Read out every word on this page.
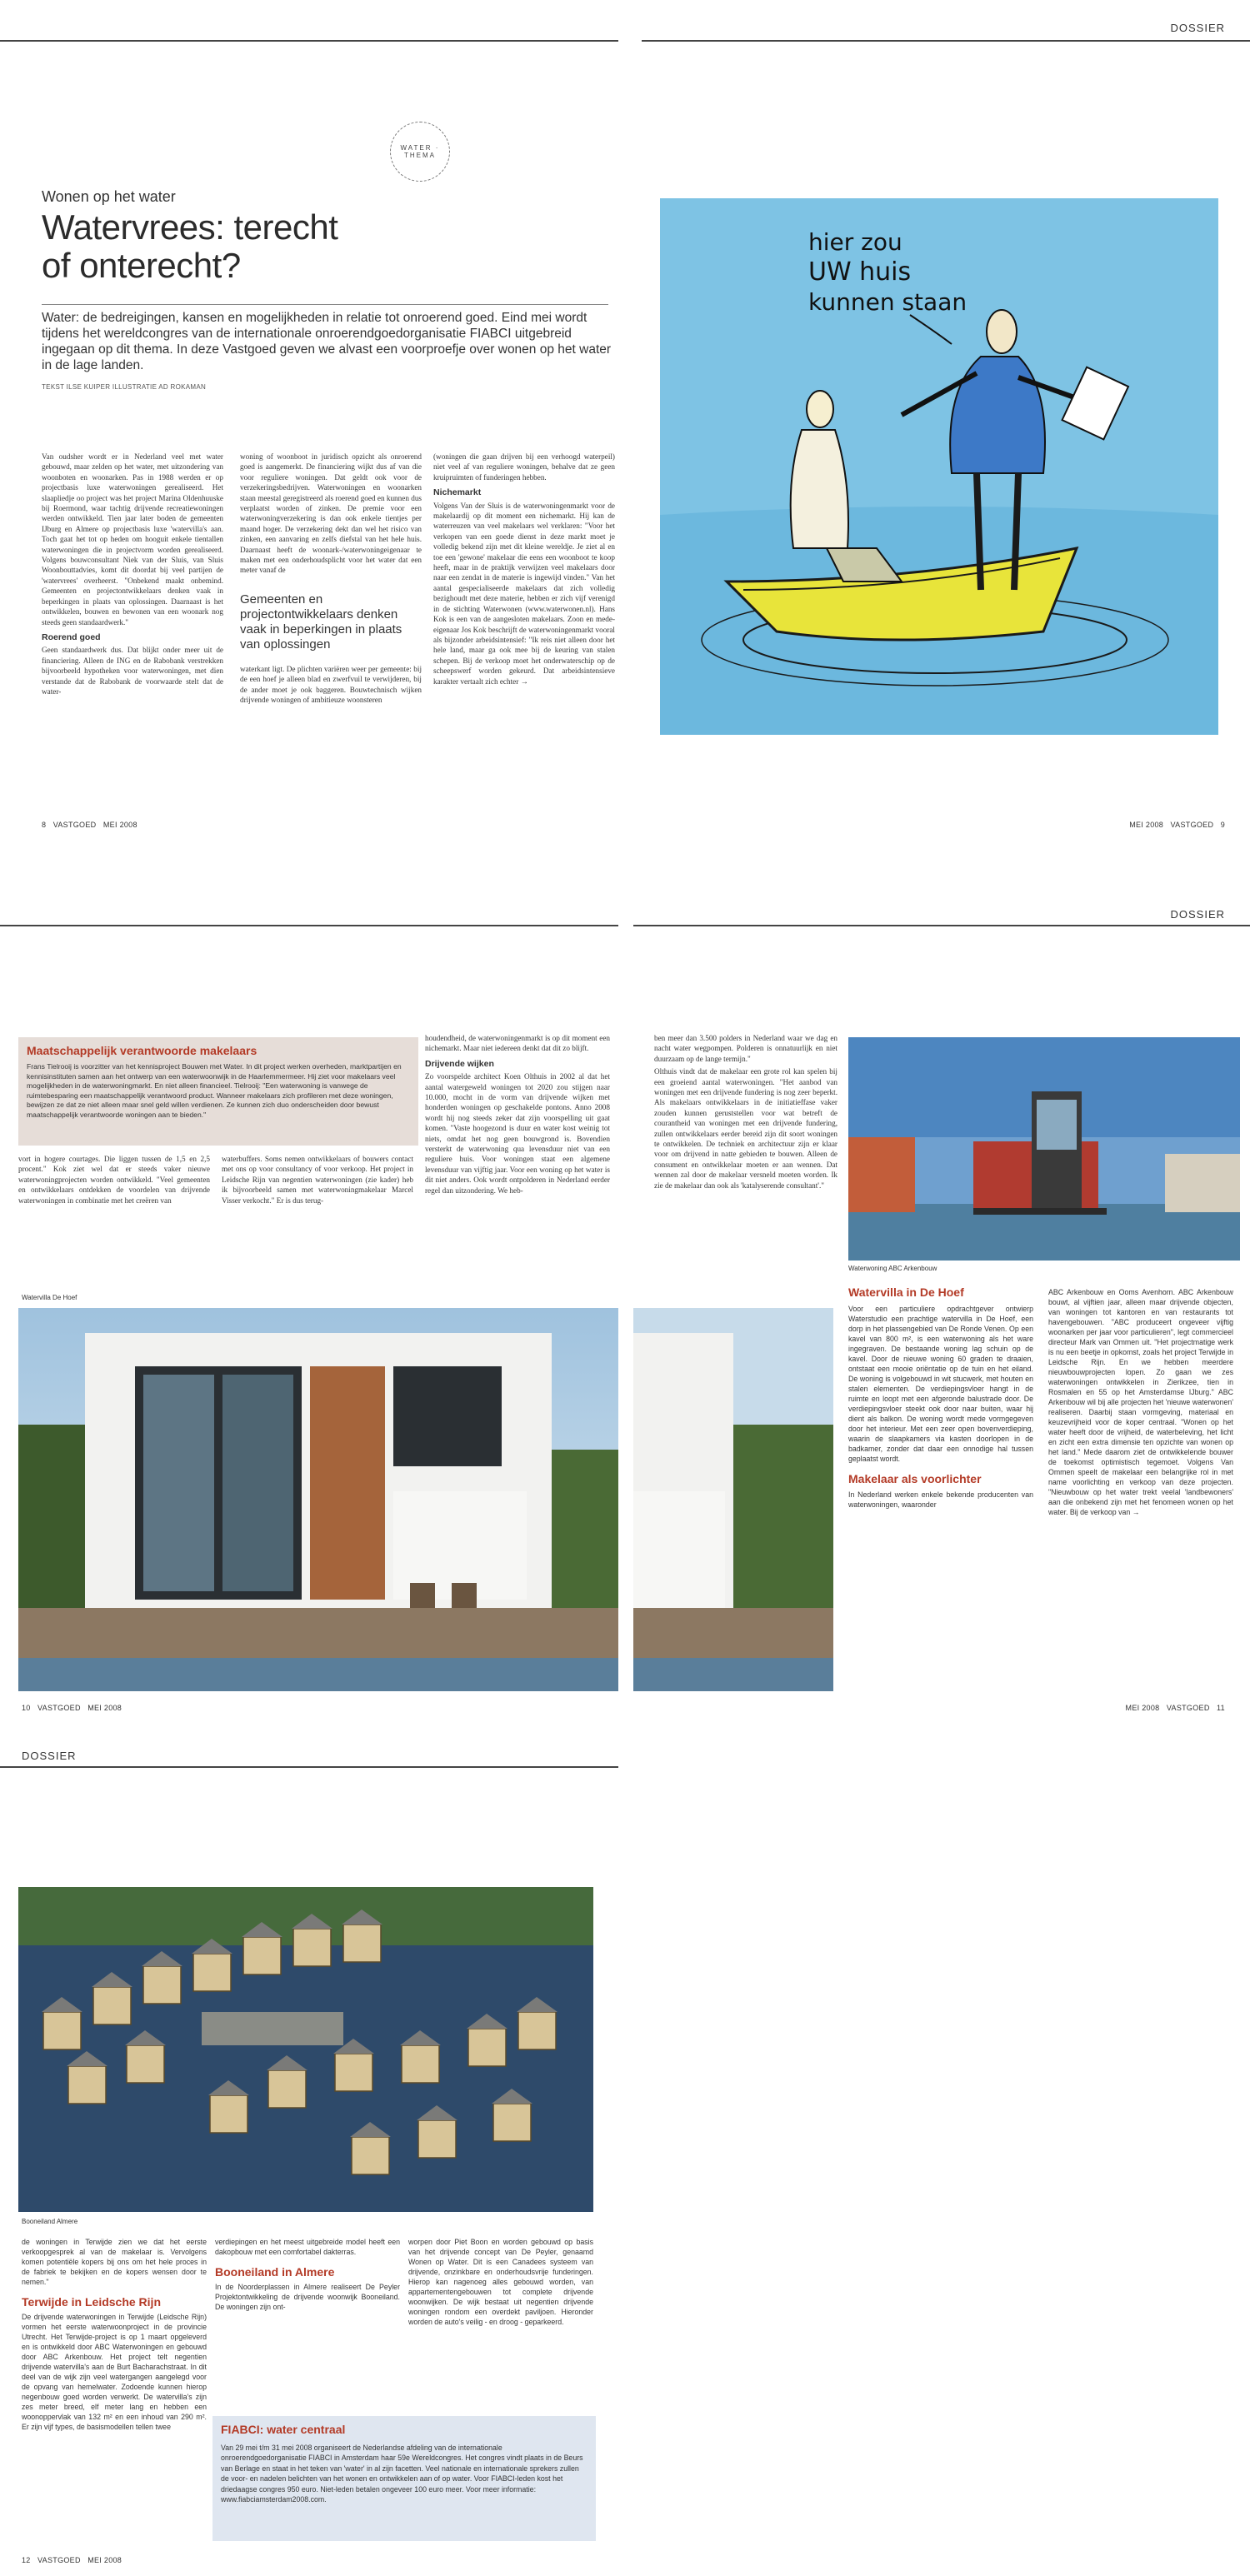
WATER · THEMA
Wonen op het water
Watervrees: terecht
of onterecht?
Water: de bedreigingen, kansen en mogelijkheden in relatie tot onroerend goed. Eind mei wordt tijdens het wereldcongres van de internationale onroerendgoedorganisatie FIABCI uitgebreid ingegaan op dit thema. In deze Vastgoed geven we alvast een voorproefje over wonen op het water in de lage landen.
TEKST ILSE KUIPER ILLUSTRATIE AD ROKAMAN

Van oudsher wordt er in Nederland veel met water gebouwd, maar zelden op het water, met uitzondering van woonboten en woonarken. Pas in 1988 werden er op projectbasis luxe waterwoningen gerealiseerd. Het slaapliedje oo project was het project Marina Oldenhuuske bij Roermond, waar tachtig drijvende recreatiewoningen werden ontwikkeld. Tien jaar later boden de gemeenten IJburg en Almere op projectbasis luxe 'watervilla's aan. Toch gaat het tot op heden om hooguit enkele tientallen waterwoningen die in projectvorm worden gerealiseerd. Volgens bouwconsultant Niek van der Sluis, van Sluis Woonbouttadvies, komt dit doordat bij veel partijen de 'watervrees' overheerst. "Onbekend maakt onbemind. Gemeenten en projectontwikkelaars denken vaak in beperkingen in plaats van oplossingen. Daarnaast is het ontwikkelen, bouwen en bewonen van een woonark nog steeds geen standaardwerk."

Roerend goed

Geen standaardwerk dus. Dat blijkt onder meer uit de financiering. Alleen de ING en de Rabobank verstrekken bijvoorbeeld hypotheken voor waterwoningen, met dien verstande dat de Rabobank de voorwaarde stelt dat de water-

woning of woonboot in juridisch opzicht als onroerend goed is aangemerkt. De financiering wijkt dus af van die voor reguliere woningen. Dat geldt ook voor de verzekeringsbedrijven. Waterwoningen en woonarken staan meestal geregistreerd als roerend goed en kunnen dus verplaatst worden of zinken. De premie voor een waterwoningverzekering is dan ook enkele tientjes per maand hoger. De verzekering dekt dan wel het risico van zinken, een aanvaring en zelfs diefstal van het hele huis. Daarnaast heeft de woonark-/waterwoningeigenaar te maken met een onderhoudsplicht voor het water dat een meter vanaf de

Gemeenten en projectontwikkelaars denken vaak in beperkingen in plaats van oplossingen

waterkant ligt. De plichten variëren weer per gemeente: bij de een hoef je alleen blad en zwerfvuil te verwijderen, bij de ander moet je ook baggeren. Bouwtechnisch wijken drijvende woningen of ambitieuze woonsteren

(woningen die gaan drijven bij een verhoogd waterpeil) niet veel af van reguliere woningen, behalve dat ze geen kruipruimten of funderingen hebben.

Nichemarkt

Volgens Van der Sluis is de waterwoningenmarkt voor de makelaardij op dit moment een nichemarkt. Hij kan de waterreuzen van veel makelaars wel verklaren: "Voor het verkopen van een goede dienst in deze markt moet je volledig bekend zijn met dit kleine wereldje. Je ziet al en toe een 'gewone' makelaar die eens een woonboot te koop heeft, maar in de praktijk verwijzen veel makelaars door naar een zendat in de materie is ingewijd vinden." Van het aantal gespecialiseerde makelaars dat zich volledig bezighoudt met deze materie, hebben er zich vijf verenigd in de stichting Waterwonen (www.waterwonen.nl). Hans Kok is een van de aangesloten makelaars. Zoon en mede-eigenaar Jos Kok beschrijft de waterwoningenmarkt vooral als bijzonder arbeidsintensief: "Ik reis niet alleen door het hele land, maar ga ook mee bij de keuring van stalen schepen. Bij de verkoop moet het onderwaterschip op de scheepswerf worden gekeurd. Dat arbeidsintensieve karakter vertaalt zich echter →

8 VASTGOED MEI 2008
DOSSIER
hier zou
UW huis
kunnen staan
MEI 2008 VASTGOED 9
Maatschappelijk verantwoorde makelaars
Frans Tielrooij is voorzitter van het kennisproject Bouwen met Water. In dit project werken overheden, marktpartijen en kennisinstituten samen aan het ontwerp van een waterwoonwijk in de Haarlemmermeer. Hij ziet voor makelaars veel mogelijkheden in de waterwoningmarkt. En niet alleen financieel. Tielrooij: "Een waterwoning is vanwege de ruimtebesparing een maatschappelijk verantwoord product. Wanneer makelaars zich profileren met deze woningen, bewijzen ze dat ze niet alleen maar snel geld willen verdienen. Ze kunnen zich duo onderscheiden door bewust maatschappelijk verantwoorde woningen aan te bieden."

vort in hogere courtages. Die liggen tussen de 1,5 en 2,5 procent." Kok ziet wel dat er steeds vaker nieuwe waterwoningprojecten worden ontwikkeld. "Veel gemeenten en ontwikkelaars ontdekken de voordelen van drijvende waterwoningen in combinatie met het creëren van

waterbuffers. Soms nemen ontwikkelaars of bouwers contact met ons op voor consultancy of voor verkoop. Het project in Leidsche Rijn van negentien waterwoningen (zie kader) heb ik bijvoorbeeld samen met waterwoningmakelaar Marcel Visser verkocht." Er is dus terug-

houdendheid, de waterwoningenmarkt is op dit moment een nichemarkt. Maar niet iedereen denkt dat dit zo blijft.

Drijvende wijken

Zo voorspelde architect Koen Olthuis in 2002 al dat het aantal watergeweld woningen tot 2020 zou stijgen naar 10.000, mocht in de vorm van drijvende wijken met honderden woningen op geschakelde pontons. Anno 2008 wordt hij nog steeds zeker dat zijn voorspelling uit gaat komen. "Vaste hoogezond is duur en water kost weinig tot niets, omdat het nog geen bouwgrond is. Bovendien versterkt de waterwoning qua levensduur niet van een reguliere huis. Voor woningen staat een algemene levensduur van vijftig jaar. Voor een woning op het water is dit niet anders. Ook wordt ontpolderen in Nederland eerder regel dan uitzondering. We heb-

Watervilla De Hoef
10 VASTGOED MEI 2008
DOSSIER

ben meer dan 3.500 polders in Nederland waar we dag en nacht water wegpompen. Polderen is onnatuurlijk en niet duurzaam op de lange termijn."

Olthuis vindt dat de makelaar een grote rol kan spelen bij een groeiend aantal waterwoningen. "Het aanbod van woningen met een drijvende fundering is nog zeer beperkt. Als makelaars ontwikkelaars in de initiatieffase vaker zouden kunnen geruststellen voor wat betreft de courantheid van woningen met een drijvende fundering, zullen ontwikkelaars eerder bereid zijn dit soort woningen te ontwikkelen. De techniek en architectuur zijn er klaar voor om drijvend in natte gebieden te bouwen. Alleen de consument en ontwikkelaar moeten er aan wennen. Dat wennen zal door de makelaar versneld moeten worden. Ik zie de makelaar dan ook als 'katalyserende consultant'."

Waterwoning ABC Arkenbouw
Watervilla in De Hoef

Voor een particuliere opdrachtgever ontwierp Waterstudio een prachtige watervilla in De Hoef, een dorp in het plassengebied van De Ronde Venen. Op een kavel van 800 m², is een waterwoning als het ware ingegraven. De bestaande woning lag schuin op de kavel. Door de nieuwe woning 60 graden te draaien, ontstaat een mooie oriëntatie op de tuin en het eiland. De woning is volgebouwd in wit stucwerk, met houten en stalen elementen. De verdiepingsvloer hangt in de ruimte en loopt met een afgeronde balustrade door. De verdiepingsvloer steekt ook door naar buiten, waar hij dient als balkon. De woning wordt mede vormgegeven door het interieur. Met een zeer open bovenverdieping, waarin de slaapkamers via kasten doorlopen in de badkamer, zonder dat daar een onnodige hal tussen geplaatst wordt.

Makelaar als voorlichter

In Nederland werken enkele bekende producenten van waterwoningen, waaronder

ABC Arkenbouw en Ooms Avenhorn. ABC Arkenbouw bouwt, al vijftien jaar, alleen maar drijvende objecten, van woningen tot kantoren en van restaurants tot havengebouwen. "ABC produceert ongeveer vijftig woonarken per jaar voor particulieren", legt commercieel directeur Mark van Ommen uit. "Het projectmatige werk is nu een beetje in opkomst, zoals het project Terwijde in Leidsche Rijn. En we hebben meerdere nieuwbouwprojecten lopen. Zo gaan we zes waterwoningen ontwikkelen in Zierikzee, tien in Rosmalen en 55 op het Amsterdamse IJburg." ABC Arkenbouw wil bij alle projecten het 'nieuwe waterwonen' realiseren. Daarbij staan vormgeving, materiaal en keuzevrijheid voor de koper centraal. "Wonen op het water heeft door de vrijheid, de waterbeleving, het licht en zicht een extra dimensie ten opzichte van wonen op het land." Mede daarom ziet de ontwikkelende bouwer de toekomst optimistisch tegemoet. Volgens Van Ommen speelt de makelaar een belangrijke rol in met name voorlichting en verkoop van deze projecten. "Nieuwbouw op het water trekt veelal 'landbewoners' aan die onbekend zijn met het fenomeen wonen op het water. Bij de verkoop van →

MEI 2008 VASTGOED 11
DOSSIER
Booneiland Almere

de woningen in Terwijde zien we dat het eerste verkoopgesprek al van de makelaar is. Vervolgens komen potentiële kopers bij ons om het hele proces in de fabriek te bekijken en de kopers wensen door te nemen."

Terwijde in Leidsche Rijn

De drijvende waterwoningen in Terwijde (Leidsche Rijn) vormen het eerste waterwoonproject in de provincie Utrecht. Het Terwijde-project is op 1 maart opgeleverd en is ontwikkeld door ABC Waterwoningen en gebouwd door ABC Arkenbouw. Het project telt negentien drijvende watervilla's aan de Burt Bacharachstraat. In dit deel van de wijk zijn veel watergangen aangelegd voor de opvang van hemelwater. Zodoende kunnen hierop negenbouw goed worden verwerkt. De watervilla's zijn zes meter breed, elf meter lang en hebben een woonoppervlak van 132 m² en een inhoud van 290 m². Er zijn vijf types, de basismodellen tellen twee

verdiepingen en het meest uitgebreide model heeft een dakopbouw met een comfortabel dakterras.

Booneiland in Almere

In de Noorderplassen in Almere realiseert De Peyler Projektontwikkeling de drijvende woonwijk Booneiland. De woningen zijn ont-

worpen door Piet Boon en worden gebouwd op basis van het drijvende concept van De Peyler, genaamd Wonen op Water. Dit is een Canadees systeem van drijvende, onzinkbare en onderhoudsvrije funderingen. Hierop kan nagenoeg alles gebouwd worden, van appartementengebouwen tot complete drijvende woonwijken. De wijk bestaat uit negentien drijvende woningen rondom een overdekt paviljoen. Hieronder worden de auto's veilig - en droog - geparkeerd.

FIABCI: water centraal
Van 29 mei t/m 31 mei 2008 organiseert de Nederlandse afdeling van de internationale onroerendgoedorganisatie FIABCI in Amsterdam haar 59e Wereldcongres. Het congres vindt plaats in de Beurs van Berlage en staat in het teken van 'water' in al zijn facetten. Veel nationale en internationale sprekers zullen de voor- en nadelen belichten van het wonen en ontwikkelen aan of op water. Voor FIABCI-leden kost het driedaagse congres 950 euro. Niet-leden betalen ongeveer 100 euro meer. Voor meer informatie: www.fiabciamsterdam2008.com.
12 VASTGOED MEI 2008
